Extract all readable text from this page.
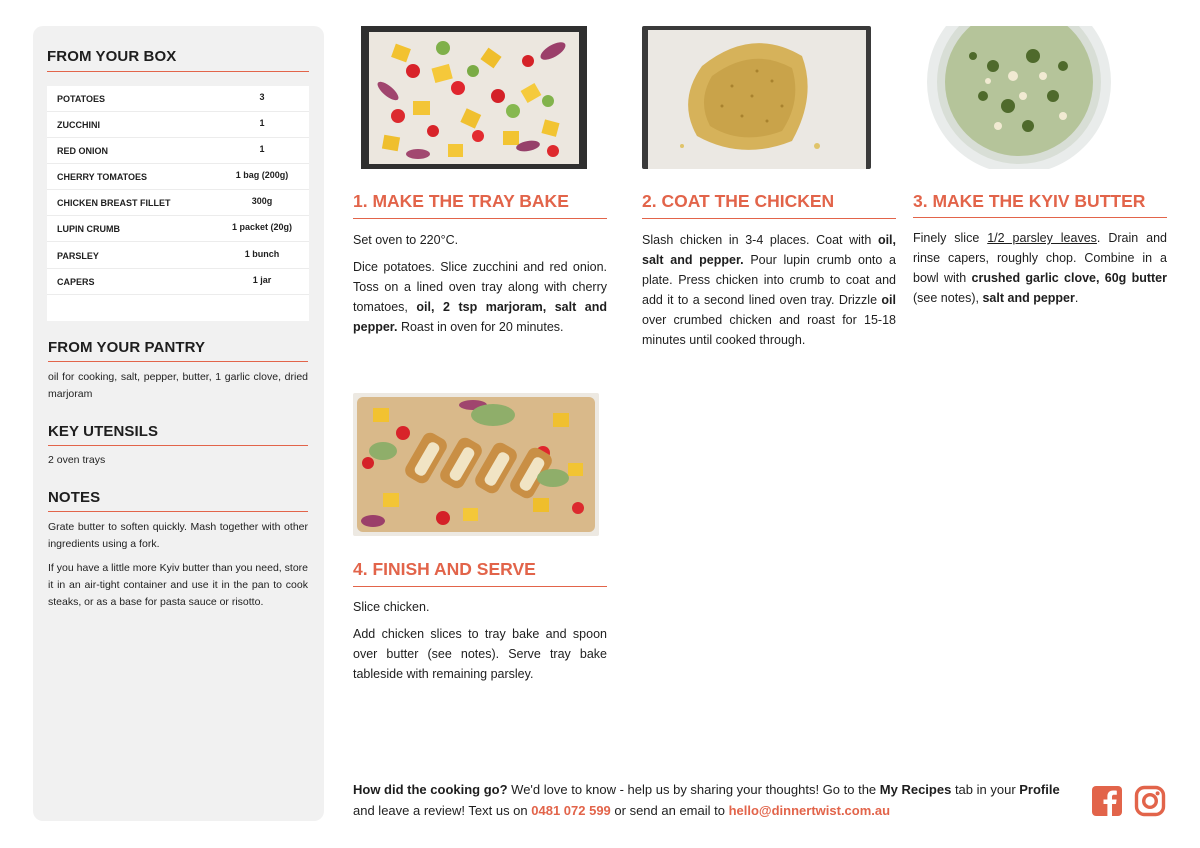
FROM YOUR BOX
POTATOES	3
ZUCCHINI	1
RED ONION	1
CHERRY TOMATOES	1 bag (200g)
CHICKEN BREAST FILLET	300g
LUPIN CRUMB	1 packet (20g)
PARSLEY	1 bunch
CAPERS	1 jar
FROM YOUR PANTRY
oil for cooking, salt, pepper, butter, 1 garlic clove, dried marjoram
KEY UTENSILS
2 oven trays
NOTES
Grate butter to soften quickly. Mash together with other ingredients using a fork.
If you have a little more Kyiv butter than you need, store it in an air-tight container and use it in the pan to cook steaks, or as a base for pasta sauce or risotto.
1. MAKE THE TRAY BAKE

Set oven to 220°C.

Dice potatoes. Slice zucchini and red onion. Toss on a lined oven tray along with cherry tomatoes, oil, 2 tsp marjoram, salt and pepper. Roast in oven for 20 minutes.

2. COAT THE CHICKEN

Slash chicken in 3-4 places. Coat with oil, salt and pepper. Pour lupin crumb onto a plate. Press chicken into crumb to coat and add it to a second lined oven tray. Drizzle oil over crumbed chicken and roast for 15-18 minutes until cooked through.

3. MAKE THE KYIV BUTTER

Finely slice 1/2 parsley leaves. Drain and rinse capers, roughly chop. Combine in a bowl with crushed garlic clove, 60g butter (see notes), salt and pepper.

4. FINISH AND SERVE

Slice chicken.

Add chicken slices to tray bake and spoon over butter (see notes). Serve tray bake tableside with remaining parsley.

How did the cooking go? We'd love to know - help us by sharing your thoughts! Go to the My Recipes tab in your Profile and leave a review! Text us on 0481 072 599 or send an email to hello@dinnertwist.com.au
